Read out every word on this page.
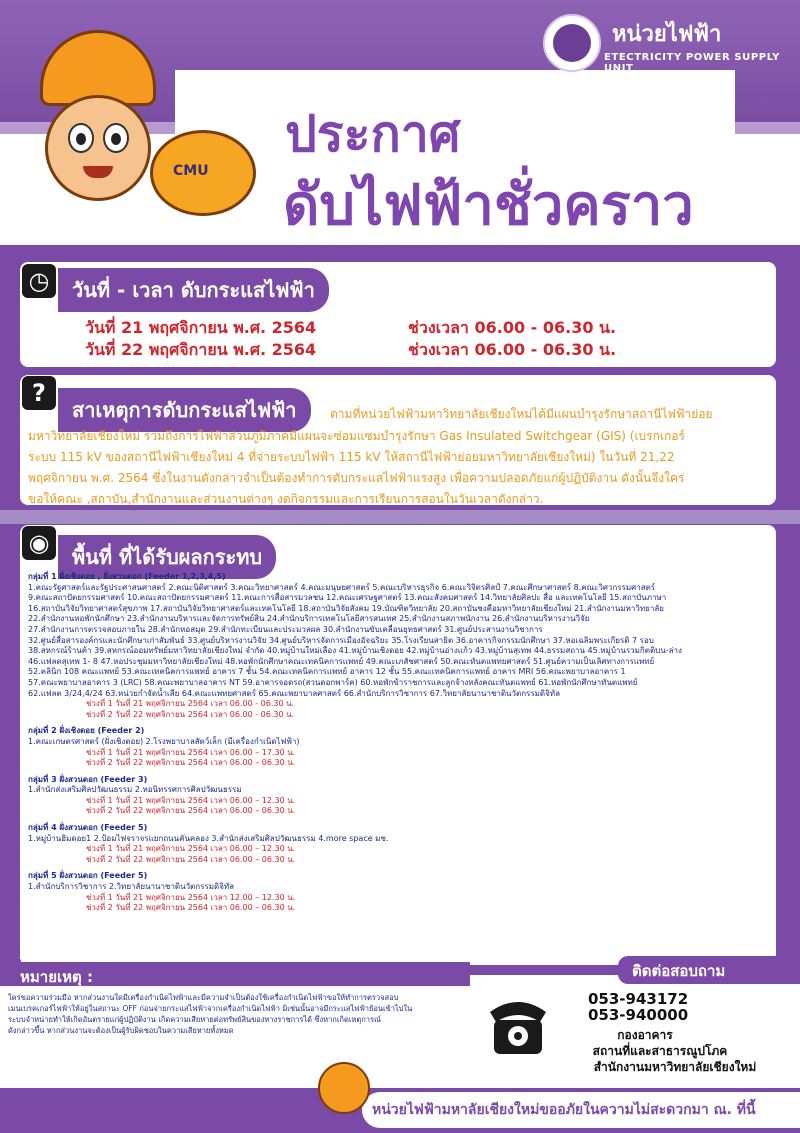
หน่วยไฟฟ้า
ETECTRICITY POWER SUPPLY UNIT
ประกาศ
ดับไฟฟ้าชั่วคราว
CMU
◷	วันที่ - เวลา ดับกระแสไฟฟ้า
วันที่ 21 พฤศจิกายน พ.ศ. 2564	ช่วงเวลา 06.00 - 06.30 น.
วันที่ 22 พฤศจิกายน พ.ศ. 2564	ช่วงเวลา 06.00 - 06.30 น.
?
สาเหตุการดับกระแสไฟฟ้า	ตามที่หน่วยไฟฟ้ามหาวิทยาลัยเชียงใหม่ได้มีแผนบำรุงรักษาสถานีไฟฟ้าย่อย
มหาวิทยาลัยเชียงใหม่ รวมถึงการไฟฟ้าส่วนภูมิภาคมีแผนจะซ่อมแซมบำรุงรักษา Gas Insulated Switchgear (GIS) (เบรกเกอร์
ระบบ 115 kV ของสถานีไฟฟ้าเชียงใหม่ 4 ที่จ่ายระบบไฟฟ้า 115 kV ให้สถานีไฟฟ้าย่อยมหาวิทยาลัยเชียงใหม่) ในวันที่ 21,22
พฤศจิกายน พ.ศ. 2564 ซึ่งในงานดังกล่าวจำเป็นต้องทำการดับกระแสไฟฟ้าแรงสูง เพื่อความปลอดภัยแก่ผู้ปฏิบัติงาน ดังนั้นจึงใคร่
ขอให้คณะ ,สถาบัน,สำนักงานและส่วนงานต่างๆ งดกิจกรรมและการเรียนการสอนในวันเวลาดังกล่าว.
◉	พื้นที่ ที่ได้รับผลกระทบ
กลุ่มที่ 1 ฝั่งเชิงดอย , ฝั่งสวนดอก (Feeder 1,2,3,4,5)
1.คณะรัฐศาสตร์และรัฐประศาสนศาสตร์ 2.คณะนิติศาสตร์ 3.คณะวิทยาศาสตร์ 4.คณะมนุษยศาสตร์ 5.คณะบริหารธุรกิจ 6.คณะวิจิตรศิลป์ 7.คณะศึกษาศาสตร์ 8.คณะวิศวกรรมศาสตร์
9.คณะสถาปัตยกรรมศาสตร์ 10.คณะสถาปัตยกรรมศาสตร์ 11.คณะการสื่อสารมวลชน 12.คณะเศรษฐศาสตร์ 13.คณะสังคมศาสตร์ 14.วิทยาลัยศิลปะ สื่อ และเทคโนโลยี 15.สถาบันภาษา
16.สถาบันวิจัยวิทยาศาสตร์สุขภาพ 17.สถาบันวิจัยวิทยาศาสตร์และเทคโนโลยี 18.สถาบันวิจัยสังคม 19.บัณฑิตวิทยาลัย 20.สถาบันชงคือมหาวิทยาลัยเชียงใหม่ 21.สำนักงานมหาวิทยาลัย
22.สำนักงานหอพักนักศึกษา 23.สำนักงานบริหารและจัดการทรัพย์สิน 24.สำนักบริการเทคโนโลยีสารสนเทศ 25.สำนักงานสภาพนักงาน 26.สำนักงานบริหารงานวิจัย
27.สำนักงานการตรวจสอบภายใน 28.สำนักหอสมุด 29.สำนักทะเบียนและประมวลผล 30.สำนักงานขับเคลื่อนยุทธศาสตร์ 31.ศูนย์ประสานงานวิชาการ
32.ศูนย์สื่อสารองค์กรและนักศึกษาเก่าสัมพันธ์ 33.ศูนย์บริหารงานวิจัย 34.ศูนย์บริหารจัดการเมืองอัจฉริยะ 35.โรงเรียนสาธิต 36.อาคารกิจกรรมนักศึกษา 37.หอเฉลิมพระเกียรติ 7 รอบ
38.สหกรณ์ร้านค้า 39.สหกรณ์ออมทรัพย์มหาวิทยาลัยเชียงใหม่ จำกัด 40.หมู่บ้านใหม่เลือง 41.หมู่บ้านเชิงดอย 42.หมู่บ้านอ่างแก้ว 43.หมู่บ้านสุเทพ 44.ธรรมสถาน 45.หมู่บ้านรวมกิตติบน-ล่าง
46.แฟลตสุเทพ 1- 8 47.หอประชุมมหาวิทยาลัยเชียงใหม่ 48.หอพักนักศึกษาคณะเทคนิคการแพทย์ 49.คณะเภสัชศาสตร์ 50.คณะทันตแพทยศาสตร์ 51.ศูนย์ความเป็นเลิศทางการแพทย์
52.คลินิก 108 คณะแพทย์ 53.คณะเทคนิคการแพทย์ อาคาร 7 ชั้น 54.คณะเทคนิคการแพทย์ อาคาร 12 ชั้น 55.คณะเทคนิคการแพทย์ อาคาร MRI 56.คณะพยาบาลอาคาร 1
57.คณะพยาบาลอาคาร 3 (LRC) 58.คณะพยาบาลอาคาร NT 59.อาคารจอดรถ(สวนดอกพาร์ค) 60.หอพักข้าราชการและลูกจ้างหลังคณะทันตแพทย์ 61.หอพักนักศึกษาทันตแพทย์
62.แฟลต 3/24,4/24 63.หน่วยกำจัดน้ำเสีย 64.คณะแพทยศาสตร์ 65.คณะพยาบาลศาสตร์ 66.สำนักบริการวิชาการ 67.วิทยาลัยนานาชาตินวัตกรรมดิจิทัล
ช่วงที่ 1 วันที่ 21 พฤศจิกายน 2564 เวลา 06.00 - 06.30 น.
ช่วงที่ 2 วันที่ 22 พฤศจิกายน 2564 เวลา 06.00 - 06.30 น.
กลุ่มที่ 2 ฝั่งเชิงดอย (Feeder 2)
1.คณะเกษตรศาสตร์ (ฝั่งเชิงดอย) 2.โรงพยาบาลสัตว์เล็ก (มีเครื่องกำเนิดไฟฟ้า)
ช่วงที่ 1 วันที่ 21 พฤศจิกายน 2564 เวลา 06.00 – 17.30 น.
ช่วงที่ 2 วันที่ 22 พฤศจิกายน 2564 เวลา 06.00 – 06.30 น.
กลุ่มที่ 3 ฝั่งสวนดอก (Feeder 3)
1.สำนักส่งเสริมศิลปวัฒนธรรม 2.หอนิทรรศการศิลปวัฒนธรรม
ช่วงที่ 1 วันที่ 21 พฤศจิกายน 2564 เวลา 06.00 – 12.30 น.
ช่วงที่ 2 วันที่ 22 พฤศจิกายน 2564 เวลา 06.00 – 06.30 น.
กลุ่มที่ 4 ฝั่งสวนดอก (Feeder 5)
1.หมู่บ้านฮิมดอย1 2.ป้อมไฟจราจรแยกถนนคันคลอง 3.สำนักส่งเสริมศิลปวัฒนธรรม 4.more space มช.
ช่วงที่ 1 วันที่ 21 พฤศจิกายน 2564 เวลา 06.00 – 12.30 น.
ช่วงที่ 2 วันที่ 22 พฤศจิกายน 2564 เวลา 06.00 – 06.30 น.
กลุ่มที่ 5 ฝั่งสวนดอก (Feeder 5)
1.สำนักบริการวิชาการ 2.วิทยาลัยนานาชาตินวัตกรรมดิจิทัล
ช่วงที่ 1 วันที่ 21 พฤศจิกายน 2564 เวลา 12.00 – 12.30 น.
ช่วงที่ 2 วันที่ 22 พฤศจิกายน 2564 เวลา 06.00 – 06.30 น.
หมายเหตุ :
ใคร่ขอความร่วมมือ หากส่วนงานใดมีเครื่องกำเนิดไฟฟ้าและมีความจำเป็นต้องใช้เครื่องกำเนิดไฟฟ้าขอให้ทำการตรวจสอบ
เมนเบรคเกอร์ไฟฟ้าให้อยู่ในสถานะ OFF ก่อนจ่ายกระแสไฟฟ้าจากเครื่องกำเนิดไฟฟ้า มิเช่นนั้นอาจมีกระแสไฟฟ้าย้อนเข้าไปใน
ระบบจำหน่ายทำให้เกิดอันตรายแก่ผู้ปฏิบัติงาน เกิดความเสียหายต่อทรัพย์สินของทางราชการได้ ซึ่งหากเกิดเหตุการณ์
ดังกล่าวขึ้น หากส่วนงานจะต้องเป็นผู้รับผิดชอบในความเสียหายทั้งหมด
ติดต่อสอบถาม
053-943172
053-940000
กองอาคาร
สถานที่และสาธารณูปโภค
สำนักงานมหาวิทยาลัยเชียงใหม่
หน่วยไฟฟ้ามหาลัยเชียงใหม่ขออภัยในความไม่สะดวกมา ณ. ที่นี้
